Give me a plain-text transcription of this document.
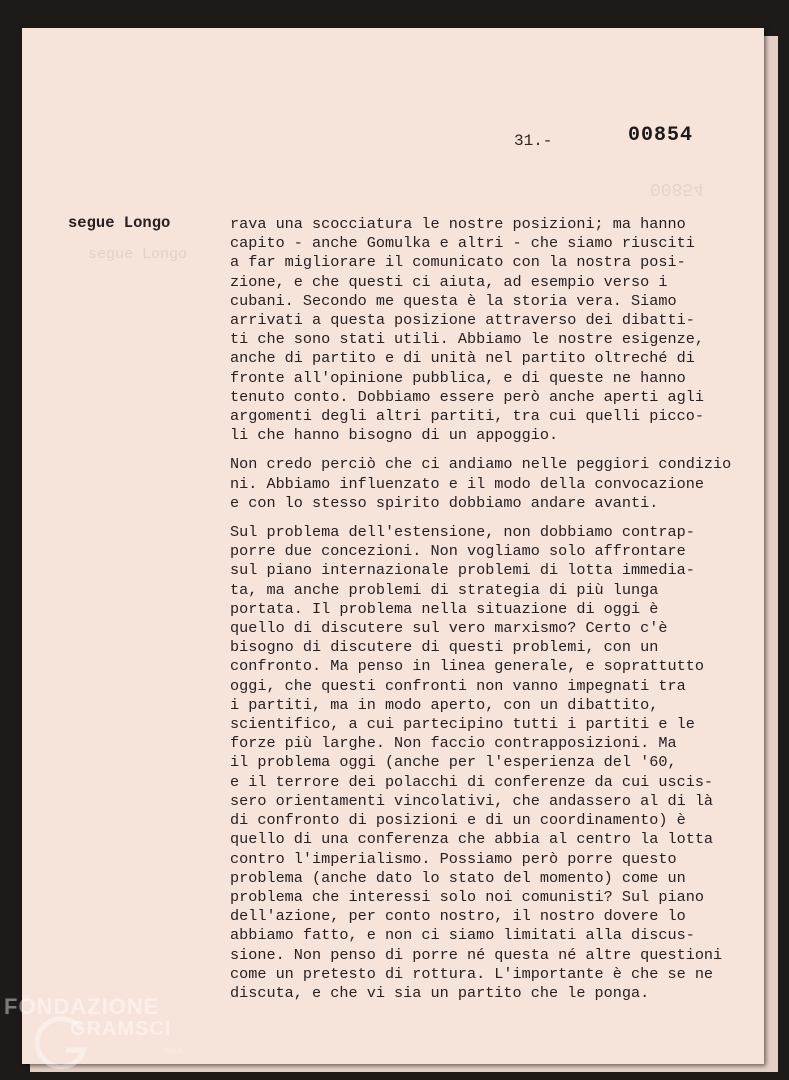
00854
31.-	00854
segue Longo
segue Longo
rava una scocciatura le nostre posizioni; ma hanno
capito - anche Gomulka e altri - che siamo riusciti
a far migliorare il comunicato con la nostra posi-
zione, e che questi ci aiuta, ad esempio verso i
cubani. Secondo me questa è la storia vera. Siamo
arrivati a questa posizione attraverso dei dibatti-
ti che sono stati utili. Abbiamo le nostre esigenze,
anche di partito e di unità nel partito oltreché di
fronte all'opinione pubblica, e di queste ne hanno
tenuto conto. Dobbiamo essere però anche aperti agli
argomenti degli altri partiti, tra cui quelli picco-
li che hanno bisogno di un appoggio.
Non credo perciò che ci andiamo nelle peggiori condizio
ni. Abbiamo influenzato e il modo della convocazione
e con lo stesso spirito dobbiamo andare avanti.
Sul problema dell'estensione, non dobbiamo contrap-
porre due concezioni. Non vogliamo solo affrontare
sul piano internazionale problemi di lotta immedia-
ta, ma anche problemi di strategia di più lunga
portata. Il problema nella situazione di oggi è
quello di discutere sul vero marxismo? Certo c'è
bisogno di discutere di questi problemi, con un
confronto. Ma penso in linea generale, e soprattutto
oggi, che questi confronti non vanno impegnati tra
i partiti, ma in modo aperto, con un dibattito,
scientifico, a cui partecipino tutti i partiti e le
forze più larghe. Non faccio contrapposizioni. Ma
il problema oggi (anche per l'esperienza del '60,
e il terrore dei polacchi di conferenze da cui uscis-
sero orientamenti vincolativi, che andassero al di là
di confronto di posizioni e di un coordinamento) è
quello di una conferenza che abbia al centro la lotta
contro l'imperialismo. Possiamo però porre questo
problema (anche dato lo stato del momento) come un
problema che interessi solo noi comunisti? Sul piano
dell'azione, per conto nostro, il nostro dovere lo
abbiamo fatto, e non ci siamo limitati alla discus-
sione. Non penso di porre né questa né altre questioni
come un pretesto di rottura. L'importante è che se ne
discuta, e che vi sia un partito che le ponga.
FONDAZIONE
GRAMSCI
onlus
